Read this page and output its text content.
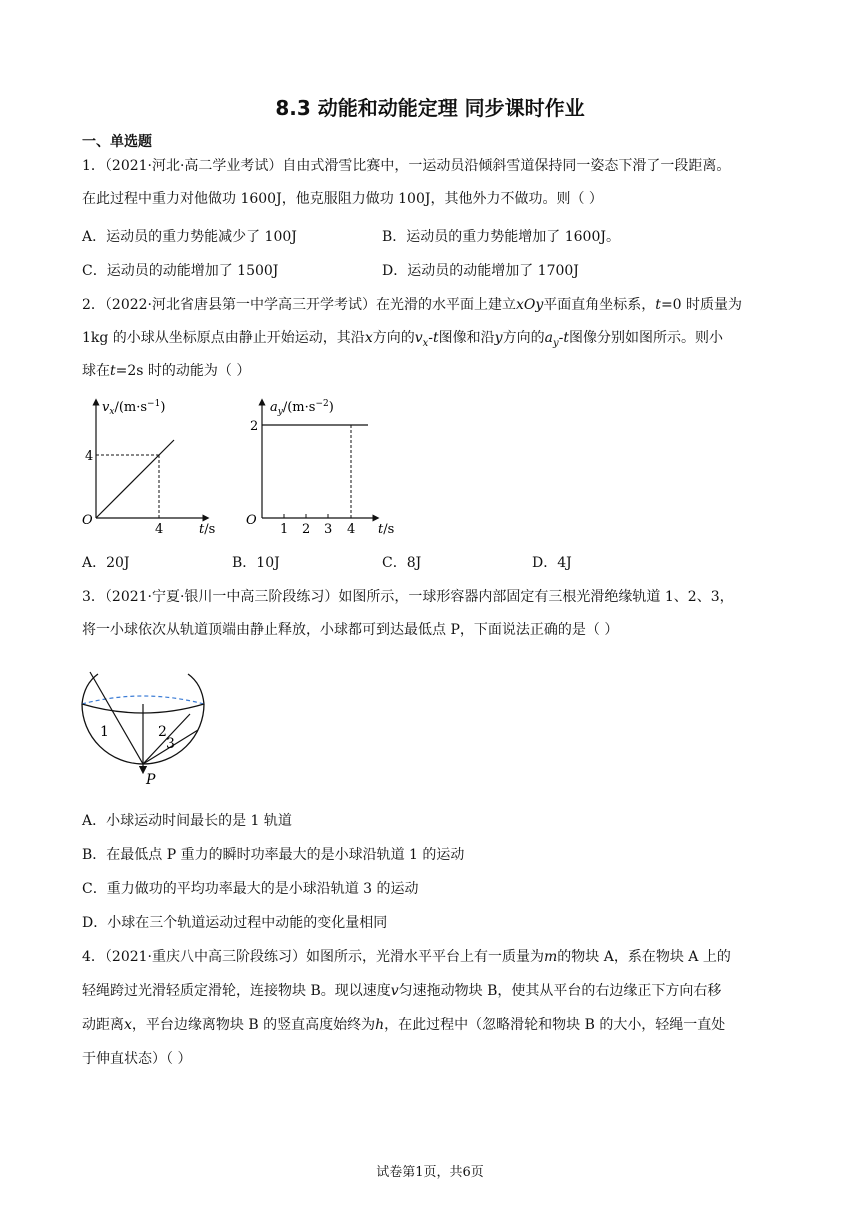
8.3 动能和动能定理 同步课时作业
一、单选题
1．（2021·河北·高二学业考试）自由式滑雪比赛中，一运动员沿倾斜雪道保持同一姿态下滑了一段距离。
在此过程中重力对他做功 1600J，他克服阻力做功 100J，其他外力不做功。则（ ）
A．运动员的重力势能减少了 100J	B．运动员的重力势能增加了 1600J。
C．运动员的动能增加了 1500J	D．运动员的动能增加了 1700J
2．（2022·河北省唐县第一中学高三开学考试）在光滑的水平面上建立xOy平面直角坐标系，t=0 时质量为
1kg 的小球从坐标原点由静止开始运动，其沿x方向的$v_x-t$图像和沿y方向的$a_y-t$图像分别如图所示。则小
球在t=2s 时的动能为（ ）
$v_x/(m\cdot s^{-1})$
4
O
4	t/s
$a_y/(m\cdot s^{-2})$
2
O
1 2 3 4 t/s
A．20J	B．10J	C．8J	D．4J
3．（2021·宁夏·银川一中高三阶段练习）如图所示，一球形容器内部固定有三根光滑绝缘轨道 1、2、3，
将一小球依次从轨道顶端由静止释放，小球都可到达最低点 P，下面说法正确的是（ ）
1	2
3
P
A．小球运动时间最长的是 1 轨道
B．在最低点 P 重力的瞬时功率最大的是小球沿轨道 1 的运动
C．重力做功的平均功率最大的是小球沿轨道 3 的运动
D．小球在三个轨道运动过程中动能的变化量相同
4．（2021·重庆八中高三阶段练习）如图所示，光滑水平平台上有一质量为m的物块 A，系在物块 A 上的
轻绳跨过光滑轻质定滑轮，连接物块 B。现以速度v匀速拖动物块 B，使其从平台的右边缘正下方向右移
动距离x，平台边缘离物块 B 的竖直高度始终为h，在此过程中（忽略滑轮和物块 B 的大小，轻绳一直处
于伸直状态）（ ）
试卷第1页，共6页
